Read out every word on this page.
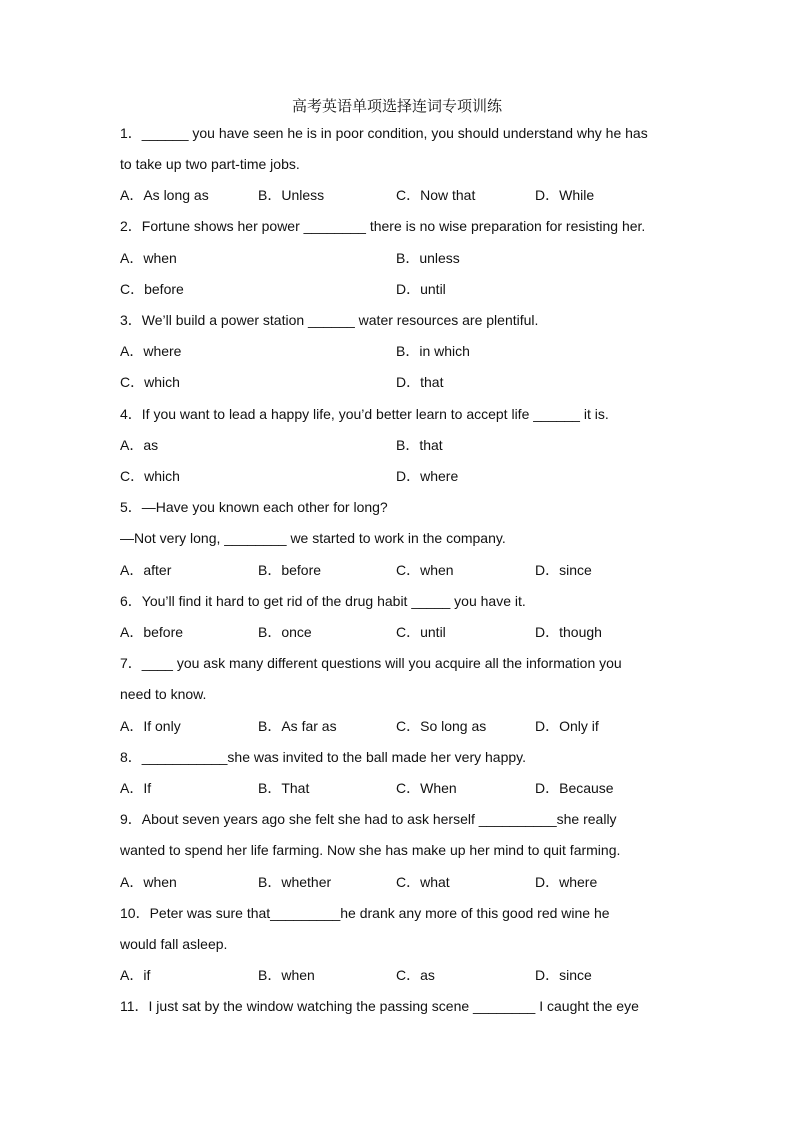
高考英语单项选择连词专项训练
1．______ you have seen he is in poor condition, you should understand why he has
to take up two part-time jobs.
A．As long as	B．Unless	C．Now that	D．While
2．Fortune shows her power ________ there is no wise preparation for resisting her.
A．when	B．unless
C．before	D．until
3．We’ll build a power station ______ water resources are plentiful.
A．where	B．in which
C．which	D．that
4．If you want to lead a happy life, you’d better learn to accept life ______ it is.
A．as	B．that
C．which	D．where
5．—Have you known each other for long?
—Not very long, ________ we started to work in the company.
A．after	B．before	C．when	D．since
6．You’ll find it hard to get rid of the drug habit _____ you have it.
A．before	B．once	C．until	D．though
7．____ you ask many different questions will you acquire all the information you
need to know.
A．If only	B．As far as	C．So long as	D．Only if
8．___________she was invited to the ball made her very happy.
A．If	B．That	C．When	D．Because
9．About seven years ago she felt she had to ask herself __________she really
wanted to spend her life farming. Now she has make up her mind to quit farming.
A．when	B．whether	C．what	D．where
10．Peter was sure that_________he drank any more of this good red wine he
would fall asleep.
A．if	B．when	C．as	D．since
11．I just sat by the window watching the passing scene ________ I caught the eye
